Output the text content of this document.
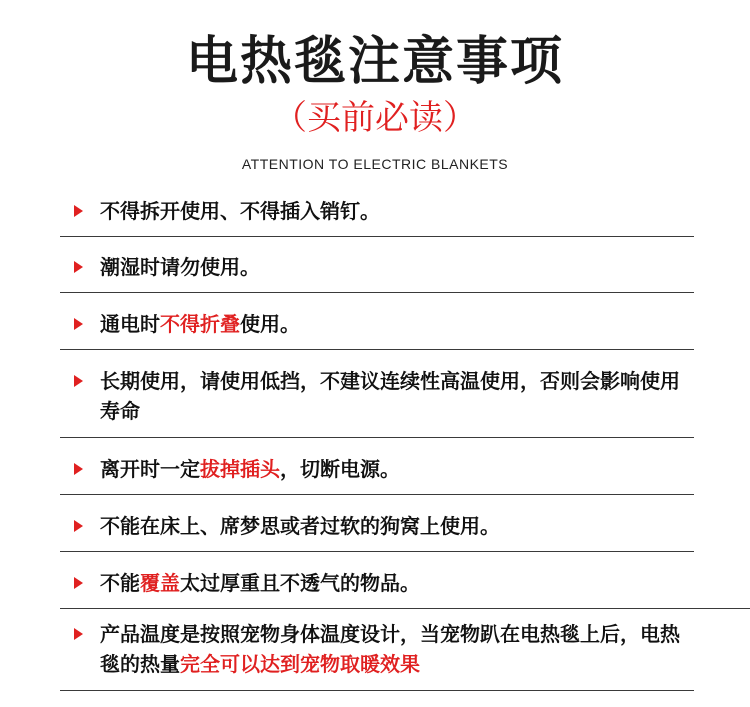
电热毯注意事项
（买前必读）
ATTENTION TO ELECTRIC BLANKETS
不得拆开使用、不得插入销钉。
潮湿时请勿使用。
通电时不得折叠使用。
长期使用，请使用低挡，不建议连续性高温使用，否则会影响使用寿命
离开时一定拔掉插头，切断电源。
不能在床上、席梦思或者过软的狗窝上使用。
不能覆盖太过厚重且不透气的物品。
产品温度是按照宠物身体温度设计，当宠物趴在电热毯上后，电热毯的热量完全可以达到宠物取暖效果
